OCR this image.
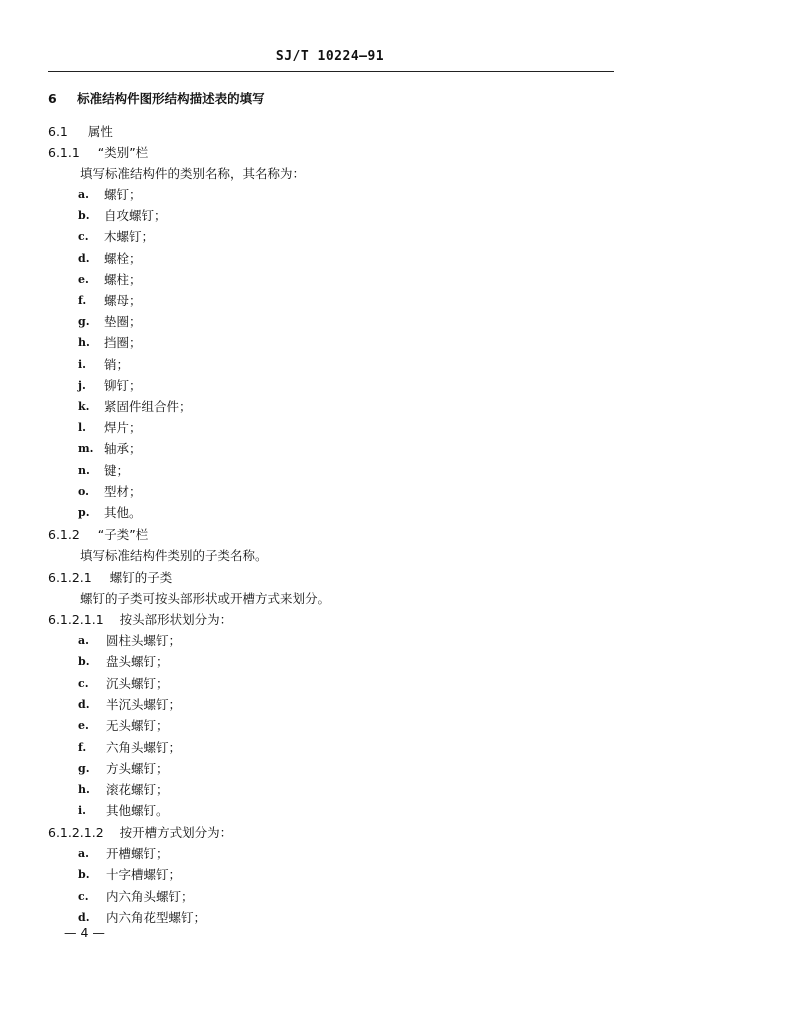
SJ/T 10224—91
6 标准结构件图形结构描述表的填写
6.1 属性
6.1.1 “类别”栏
填写标准结构件的类别名称，其名称为：
a. 螺钉；
b. 自攻螺钉；
c. 木螺钉；
d. 螺栓；
e. 螺柱；
f. 螺母；
g. 垫圈；
h. 挡圈；
i. 销；
j. 铆钉；
k. 紧固件组合件；
l. 焊片；
m. 轴承；
n. 键；
o. 型材；
p. 其他。
6.1.2 “子类”栏
填写标准结构件类别的子类名称。
6.1.2.1 螺钉的子类
螺钉的子类可按头部形状或开槽方式来划分。
6.1.2.1.1 按头部形状划分为：
a. 圆柱头螺钉；
b. 盘头螺钉；
c. 沉头螺钉；
d. 半沉头螺钉；
e. 无头螺钉；
f. 六角头螺钉；
g. 方头螺钉；
h. 滚花螺钉；
i. 其他螺钉。
6.1.2.1.2 按开槽方式划分为：
a. 开槽螺钉；
b. 十字槽螺钉；
c. 内六角头螺钉；
d. 内六角花型螺钉；
— 4 —
